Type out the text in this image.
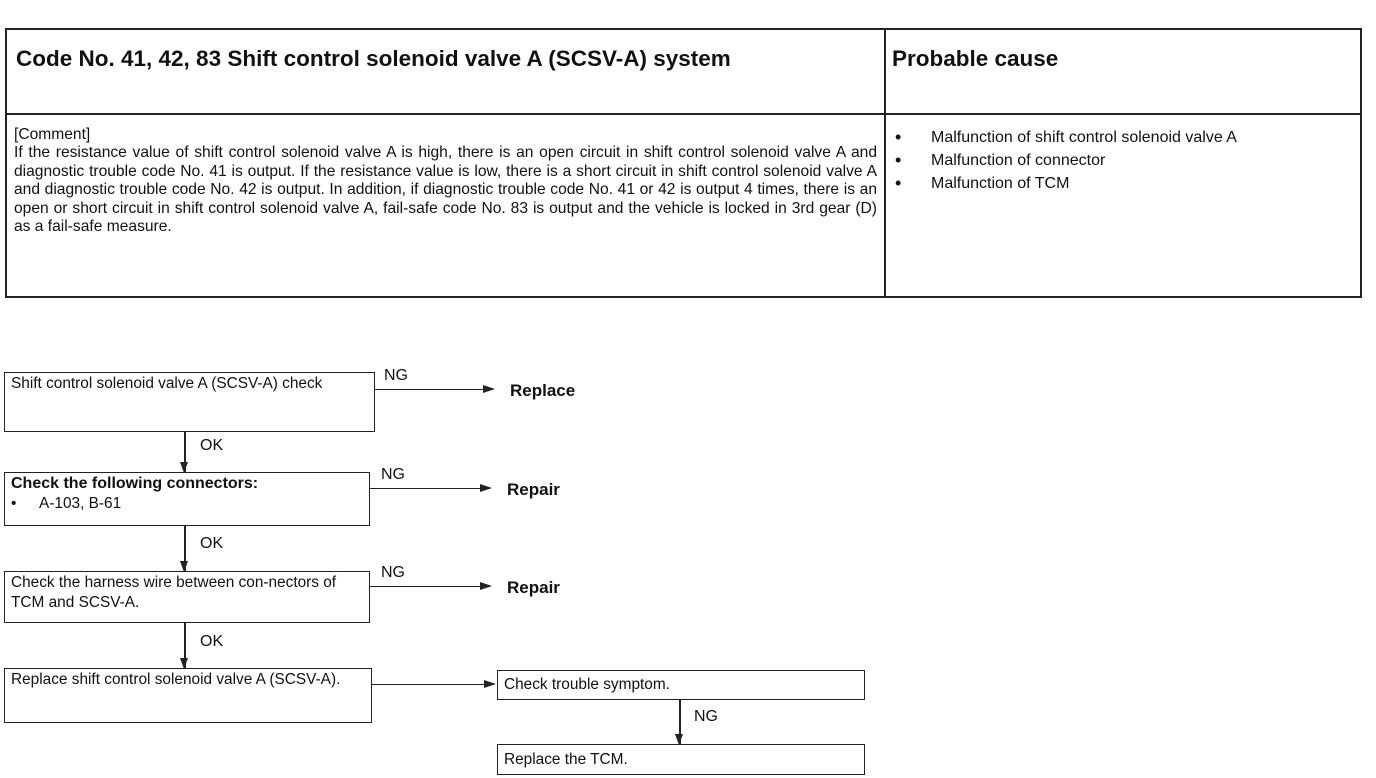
Code No. 41, 42, 83 Shift control solenoid valve A (SCSV-A) system	Probable cause

[Comment]

If the resistance value of shift control solenoid valve A is high, there is an open circuit in shift control solenoid valve A and diagnostic trouble code No. 41 is output. If the resistance value is low, there is a short circuit in shift control solenoid valve A and diagnostic trouble code No. 42 is output. In addition, if diagnostic trouble code No. 41 or 42 is output 4 times, there is an open or short circuit in shift control solenoid valve A, fail-safe code No. 83 is output and the vehicle is locked in 3rd gear (D) as a fail-safe measure.

• Malfunction of shift control solenoid valve A
• Malfunction of connector
• Malfunction of TCM
Shift control solenoid valve A (SCSV-A) check	NG
Replace
OK
Check the following connectors:
• A-103, B-61
NG
Repair
OK
Check the harness wire between con-nectors of TCM and SCSV-A.
NG
Repair
OK
Replace shift control solenoid valve A (SCSV-A).	Check trouble symptom.
NG
Replace the TCM.
